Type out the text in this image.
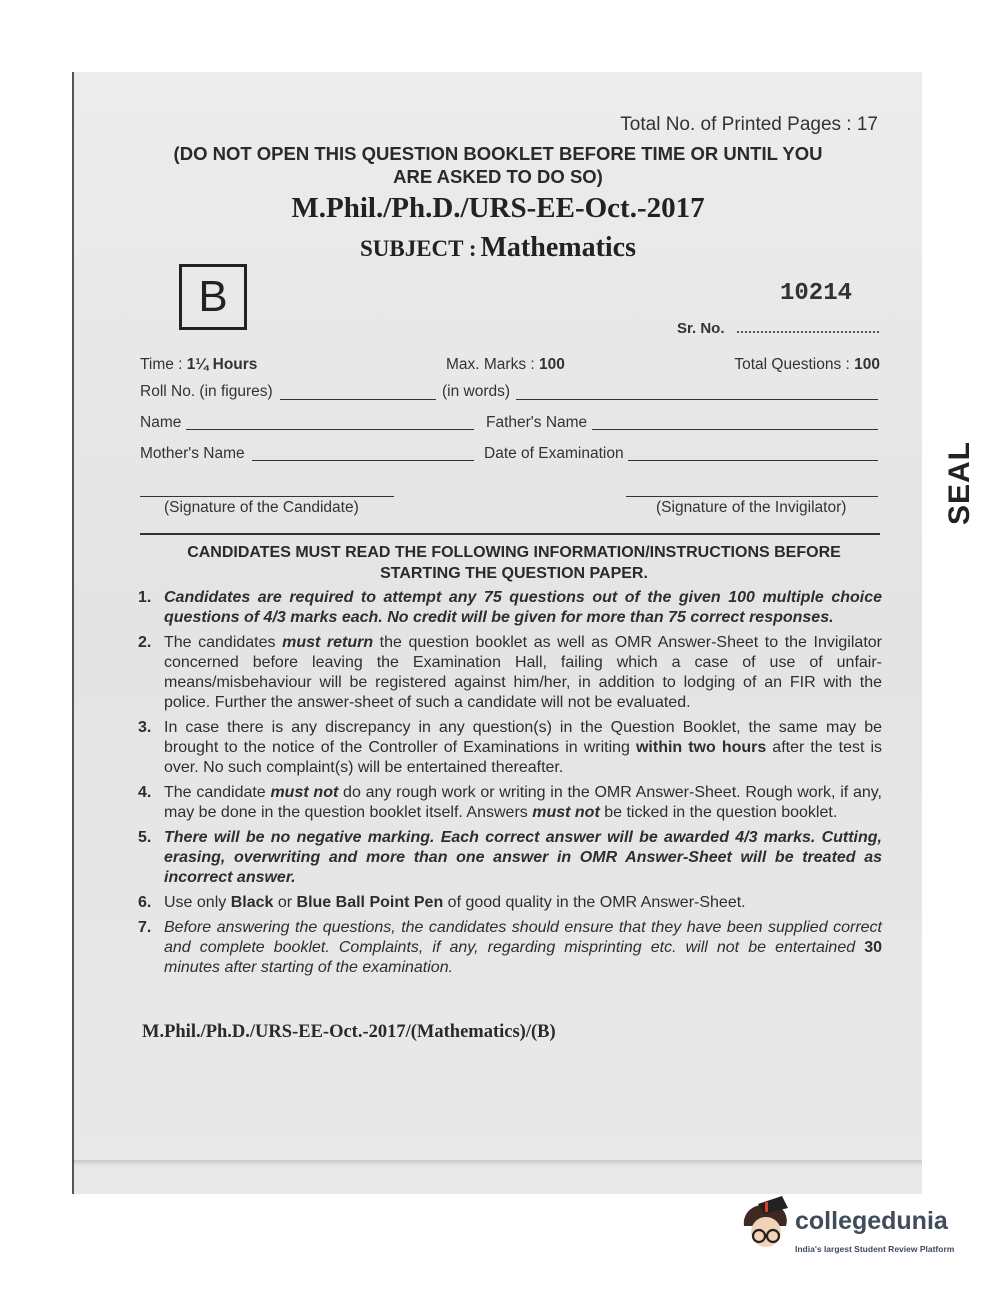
Total No. of Printed Pages : 17
(DO NOT OPEN THIS QUESTION BOOKLET BEFORE TIME OR UNTIL YOU
ARE ASKED TO DO SO)
M.Phil./Ph.D./URS-EE-Oct.-2017
SUBJECT : Mathematics
B	10214
Sr. No.
Time : 1¼ Hours	Max. Marks : 100	Total Questions : 100
Roll No. (in figures)	(in words)
Name	Father's Name
Mother's Name	Date of Examination
(Signature of the Candidate)	(Signature of the Invigilator)
CANDIDATES MUST READ THE FOLLOWING INFORMATION/INSTRUCTIONS BEFORE
STARTING THE QUESTION PAPER.
1. Candidates are required to attempt any 75 questions out of the given 100 multiple choice questions of 4/3 marks each. No credit will be given for more than 75 correct responses.
2. The candidates must return the question booklet as well as OMR Answer-Sheet to the Invigilator concerned before leaving the Examination Hall, failing which a case of use of unfair-means/misbehaviour will be registered against him/her, in addition to lodging of an FIR with the police. Further the answer-sheet of such a candidate will not be evaluated.
3. In case there is any discrepancy in any question(s) in the Question Booklet, the same may be brought to the notice of the Controller of Examinations in writing within two hours after the test is over. No such complaint(s) will be entertained thereafter.
4. The candidate must not do any rough work or writing in the OMR Answer-Sheet. Rough work, if any, may be done in the question booklet itself. Answers must not be ticked in the question booklet.
5. There will be no negative marking. Each correct answer will be awarded 4/3 marks. Cutting, erasing, overwriting and more than one answer in OMR Answer-Sheet will be treated as incorrect answer.
6. Use only Black or Blue Ball Point Pen of good quality in the OMR Answer-Sheet.
7. Before answering the questions, the candidates should ensure that they have been supplied correct and complete booklet. Complaints, if any, regarding misprinting etc. will not be entertained 30 minutes after starting of the examination.
M.Phil./Ph.D./URS-EE-Oct.-2017/(Mathematics)/(B)
SEAL
collegedunia
India's largest Student Review Platform
